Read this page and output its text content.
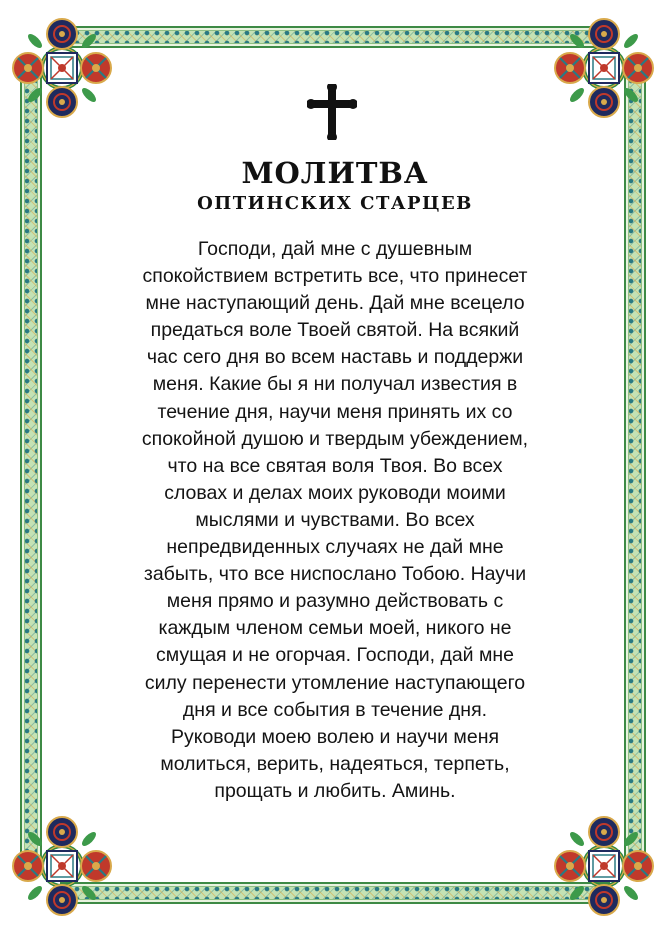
МОЛИТВА
ОПТИНСКИХ СТАРЦЕВ
Господи, дай мне с душевным
спокойствием встретить все, что принесет
мне наступающий день. Дай мне всецело
предаться воле Твоей святой. На всякий
час сего дня во всем наставь и поддержи
меня. Какие бы я ни получал известия в
течение дня, научи меня принять их со
спокойной душою и твердым убеждением,
что на все святая воля Твоя. Во всех
словах и делах моих руководи моими
мыслями и чувствами. Во всех
непредвиденных случаях не дай мне
забыть, что все ниспослано Тобою. Научи
меня прямо и разумно действовать с
каждым членом семьи моей, никого не
смущая и не огорчая. Господи, дай мне
силу перенести утомление наступающего
дня и все события в течение дня.
Руководи моею волею и научи меня
молиться, верить, надеяться, терпеть,
прощать и любить. Аминь.
